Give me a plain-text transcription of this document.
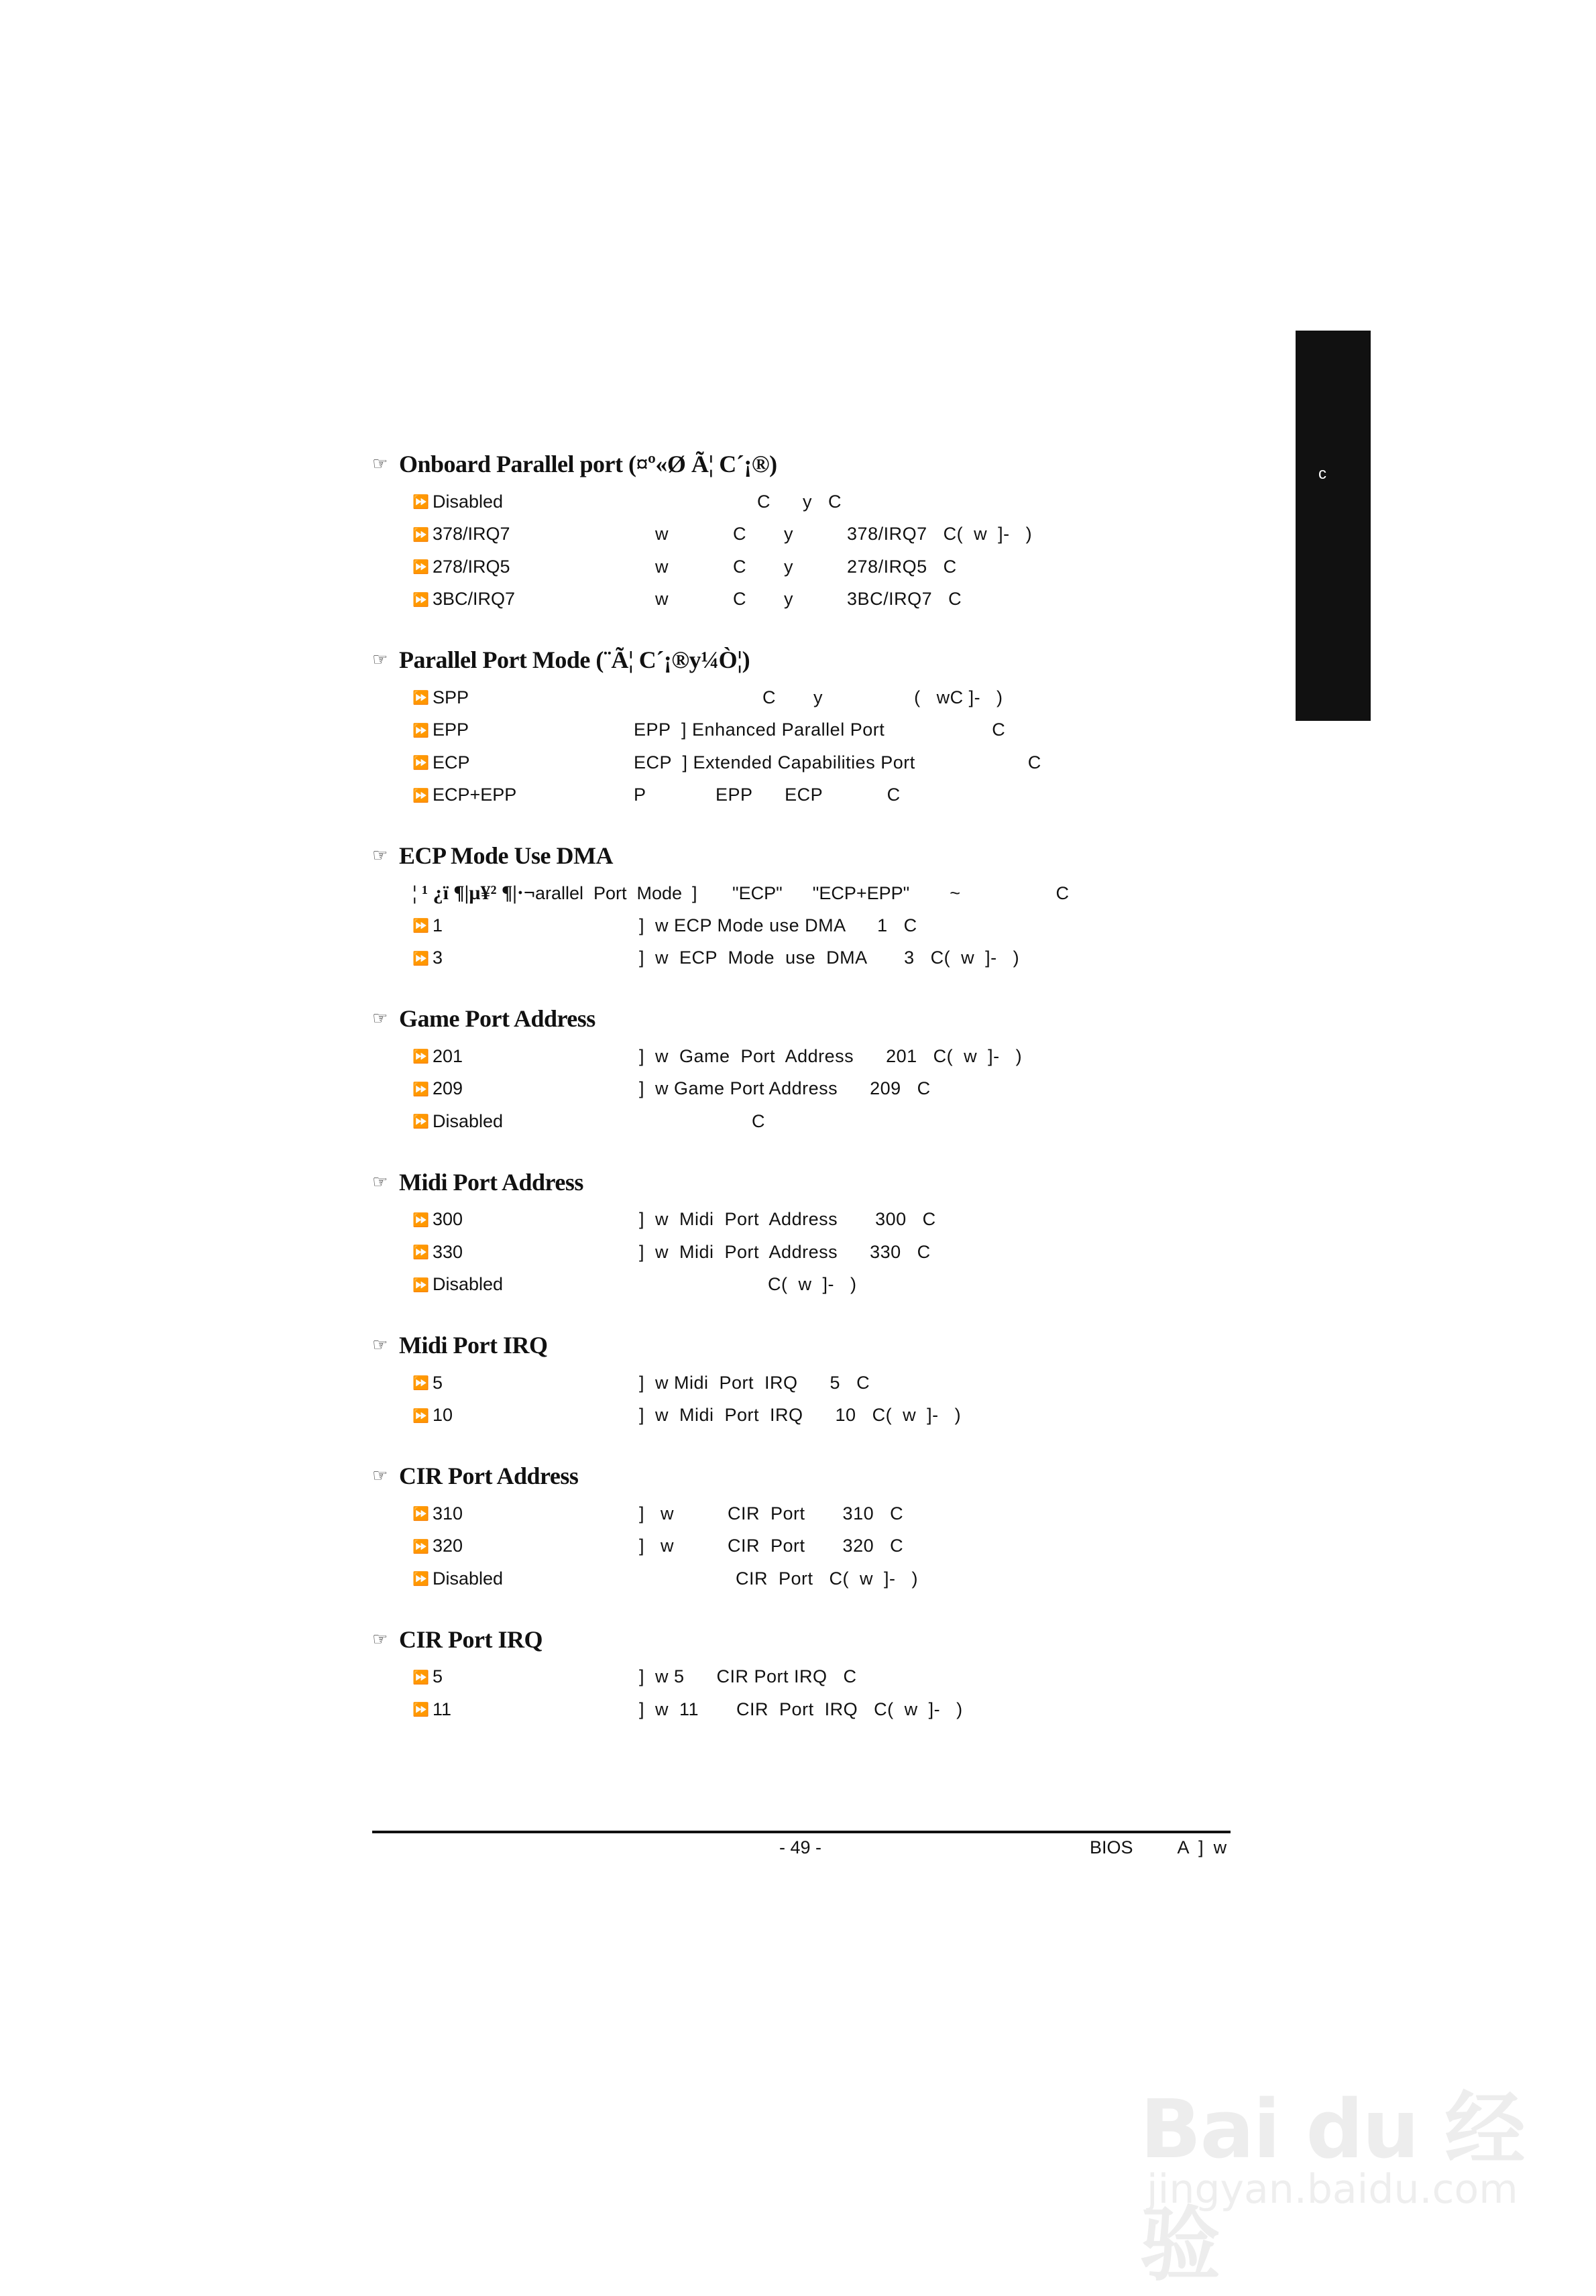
c
☞ Onboard Parallel port (¤º«Ø Ã¦ C´¡®)
⏩ Disabled	C      y   C
⏩ 378/IRQ7	w            C       y          378/IRQ7   C(  w  ]-   )
⏩ 278/IRQ5	w            C       y          278/IRQ5   C
⏩ 3BC/IRQ7	w            C       y          3BC/IRQ7   C
☞ Parallel Port Mode (¨Ã¦ C´¡®y¼Ò¦)
⏩ SPP	C       y                 (   wC ]-   )
⏩ EPP	EPP  ] Enhanced Parallel Port                    C
⏩ ECP	ECP  ] Extended Capabilities Port                     C
⏩ ECP+EPP	P             EPP      ECP            C
☞ ECP Mode Use DMA
¦ ¹ ¿ï ¶|µ¥² ¶|·¬arallel  Port  Mode  ]       "ECP"      "ECP+EPP"        ~                   C
⏩ 1	]  w ECP Mode use DMA      1   C
⏩ 3	]  w  ECP  Mode  use  DMA       3   C(  w  ]-   )
☞ Game Port Address
⏩ 201	]  w  Game  Port  Address      201   C(  w  ]-   )
⏩ 209	]  w Game Port Address      209   C
⏩ Disabled	C
☞ Midi Port Address
⏩ 300	]  w  Midi  Port  Address       300   C
⏩ 330	]  w  Midi  Port  Address      330   C
⏩ Disabled	C(  w  ]-   )
☞ Midi Port IRQ
⏩ 5	]  w Midi  Port  IRQ      5   C
⏩ 10	]  w  Midi  Port  IRQ      10   C(  w  ]-   )
☞ CIR Port Address
⏩ 310	]   w          CIR  Port       310   C
⏩ 320	]   w          CIR  Port       320   C
⏩ Disabled	CIR  Port   C(  w  ]-   )
☞ CIR Port IRQ
⏩ 5	]  w 5      CIR Port IRQ   C
⏩ 11	]  w  11       CIR  Port  IRQ   C(  w  ]-   )
- 49 -	BIOS         A  ]  w
Bai du 经验
jingyan.baidu.com
